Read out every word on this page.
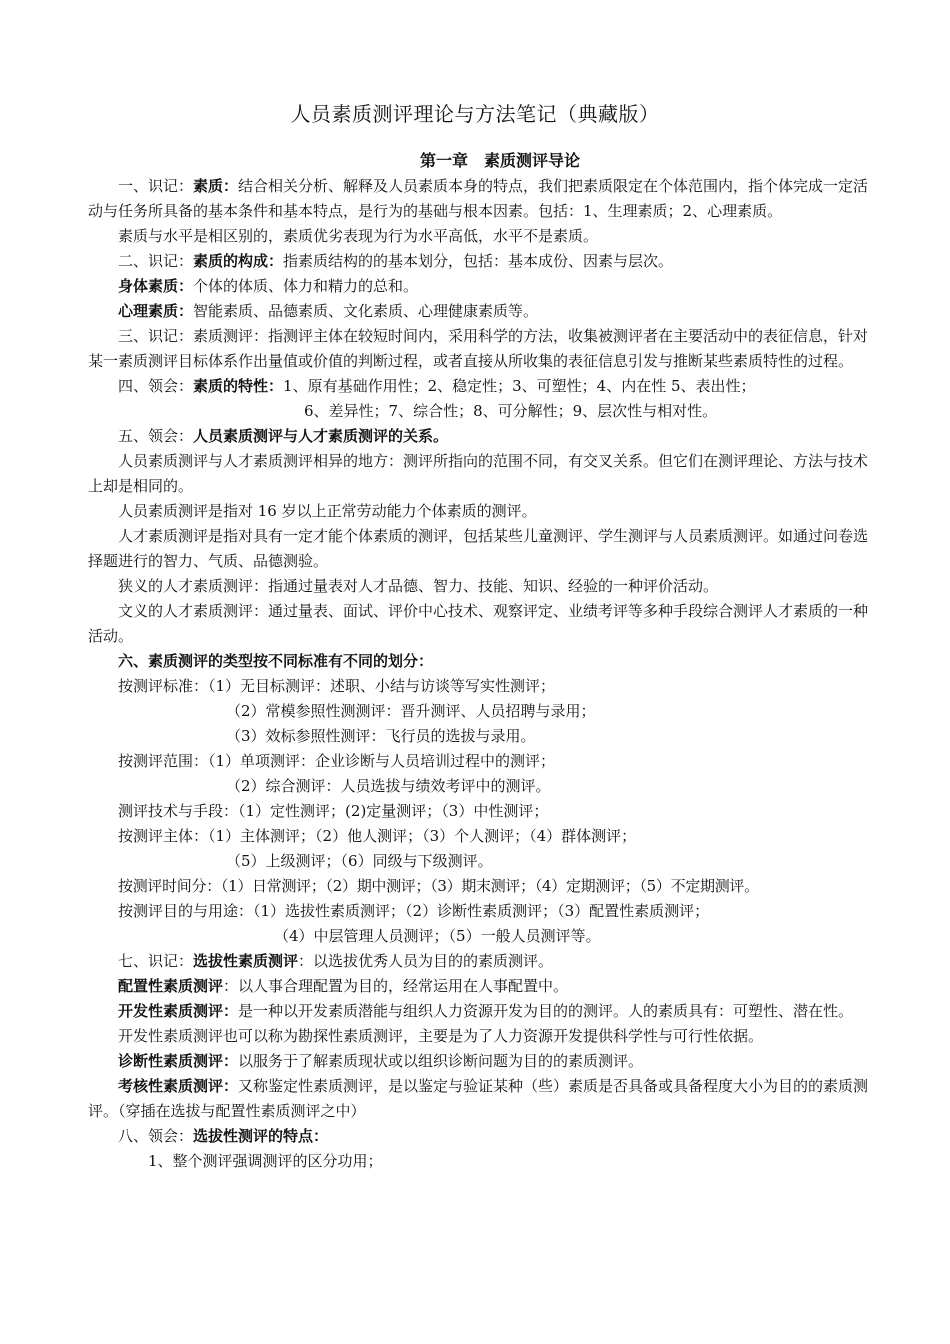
人员素质测评理论与方法笔记（典藏版）
第一章　素质测评导论

一、识记：素质：结合相关分析、解释及人员素质本身的特点，我们把素质限定在个体范围内，指个体完成一定活动与任务所具备的基本条件和基本特点，是行为的基础与根本因素。包括：1、生理素质；2、心理素质。

素质与水平是相区别的，素质优劣表现为行为水平高低，水平不是素质。

二、识记：素质的构成：指素质结构的的基本划分，包括：基本成份、因素与层次。

身体素质：个体的体质、体力和精力的总和。

心理素质：智能素质、品德素质、文化素质、心理健康素质等。

三、识记：素质测评：指测评主体在较短时间内，采用科学的方法，收集被测评者在主要活动中的表征信息，针对某一素质测评目标体系作出量值或价值的判断过程，或者直接从所收集的表征信息引发与推断某些素质特性的过程。

四、领会：素质的特性：1、原有基础作用性；2、稳定性；3、可塑性；4、内在性 5、表出性；

6、差异性；7、综合性；8、可分解性；9、层次性与相对性。

五、领会：人员素质测评与人才素质测评的关系。

人员素质测评与人才素质测评相异的地方：测评所指向的范围不同，有交叉关系。但它们在测评理论、方法与技术上却是相同的。

人员素质测评是指对 16 岁以上正常劳动能力个体素质的测评。

人才素质测评是指对具有一定才能个体素质的测评，包括某些儿童测评、学生测评与人员素质测评。如通过问卷选择题进行的智力、气质、品德测验。

狭义的人才素质测评：指通过量表对人才品德、智力、技能、知识、经验的一种评价活动。

文义的人才素质测评：通过量表、面试、评价中心技术、观察评定、业绩考评等多种手段综合测评人才素质的一种活动。

六、素质测评的类型按不同标准有不同的划分：

按测评标准：（1）无目标测评：述职、小结与访谈等写实性测评；

（2）常模参照性测测评：晋升测评、人员招聘与录用；

（3）效标参照性测评：飞行员的选拔与录用。

按测评范围：（1）单项测评：企业诊断与人员培训过程中的测评；

（2）综合测评：人员选拔与绩效考评中的测评。

测评技术与手段：（1）定性测评；(2)定量测评；（3）中性测评；

按测评主体：（1）主体测评；（2）他人测评；（3）个人测评；（4）群体测评；

（5）上级测评；（6）同级与下级测评。

按测评时间分：（1）日常测评；（2）期中测评；（3）期末测评；（4）定期测评；（5）不定期测评。

按测评目的与用途：（1）选拔性素质测评；（2）诊断性素质测评；（3）配置性素质测评；

（4）中层管理人员测评；（5）一般人员测评等。

七、识记：选拔性素质测评：以选拔优秀人员为目的的素质测评。

配置性素质测评：以人事合理配置为目的，经常运用在人事配置中。

开发性素质测评：是一种以开发素质潜能与组织人力资源开发为目的的测评。人的素质具有：可塑性、潜在性。

开发性素质测评也可以称为勘探性素质测评，主要是为了人力资源开发提供科学性与可行性依据。

诊断性素质测评：以服务于了解素质现状或以组织诊断问题为目的的素质测评。

考核性素质测评：又称鉴定性素质测评，是以鉴定与验证某种（些）素质是否具备或具备程度大小为目的的素质测评。（穿插在选拔与配置性素质测评之中）

八、领会：选拔性测评的特点：

1、整个测评强调测评的区分功用；
